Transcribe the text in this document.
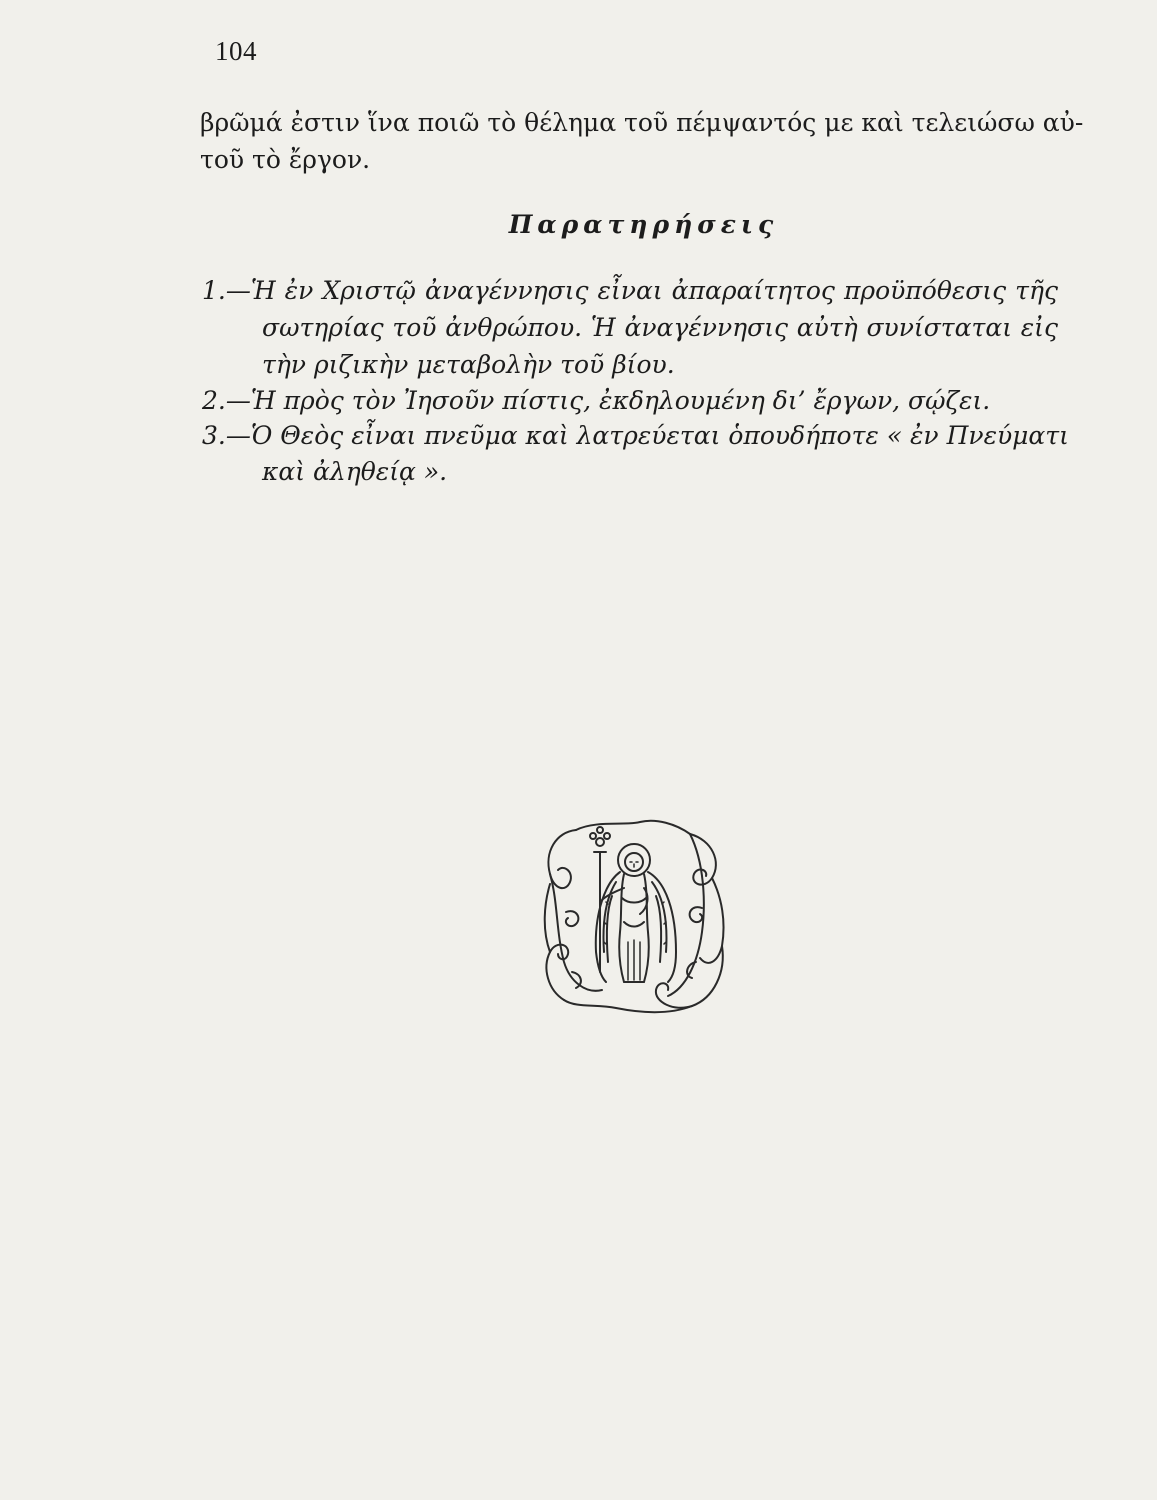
104
βρῶμά ἐστιν ἵνα ποιῶ τὸ θέλημα τοῦ πέμψαντός με καὶ τελειώσω αὐ-
τοῦ τὸ ἔργον.
Παρατηρήσεις
1.—Ἡ ἐν Χριστῷ ἀναγέννησις εἶναι ἀπαραίτητος προϋπόθεσις τῆς
σωτηρίας τοῦ ἀνθρώπου. Ἡ ἀναγέννησις αὐτὴ συνίσταται εἰς
τὴν ριζικὴν μεταβολὴν τοῦ βίου.
2.—Ἡ πρὸς τὸν Ἰησοῦν πίστις, ἐκδηλουμένη δι’ ἔργων, σῴζει.
3.—Ὁ Θεὸς εἶναι πνεῦμα καὶ λατρεύεται ὁπουδήποτε « ἐν Πνεύματι
καὶ ἀληθείᾳ ».
